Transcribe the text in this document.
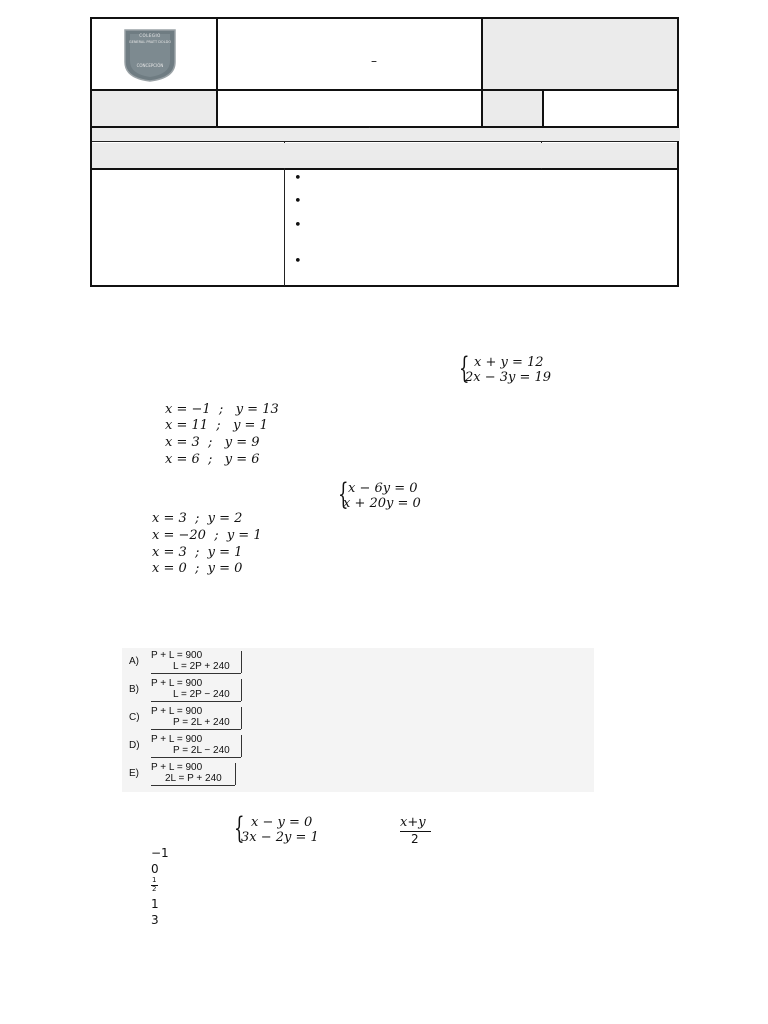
COLEGIO
GENERAL PRATT DOLDO
CONCEPCIÓN	–
•
•
•
•
{ x + y = 12
2x − 3y = 19
x = −1  ;   y = 13
x = 11  ;   y = 1
x = 3  ;   y = 9
x = 6  ;   y = 6
{ x − 6y = 0
x + 20y = 0
x = 3  ;  y = 2
x = −20  ;  y = 1
x = 3  ;  y = 1
x = 0  ;  y = 0
A)
P + L = 900
L = 2P + 240
B)
P + L = 900
L = 2P − 240
C)
P + L = 900
P = 2L + 240
D)
P + L = 900
P = 2L − 240
E)
P + L = 900
2L = P + 240
{ x − y = 0
3x − 2y = 1
x+y
2
−1
0
2
1
1
3
